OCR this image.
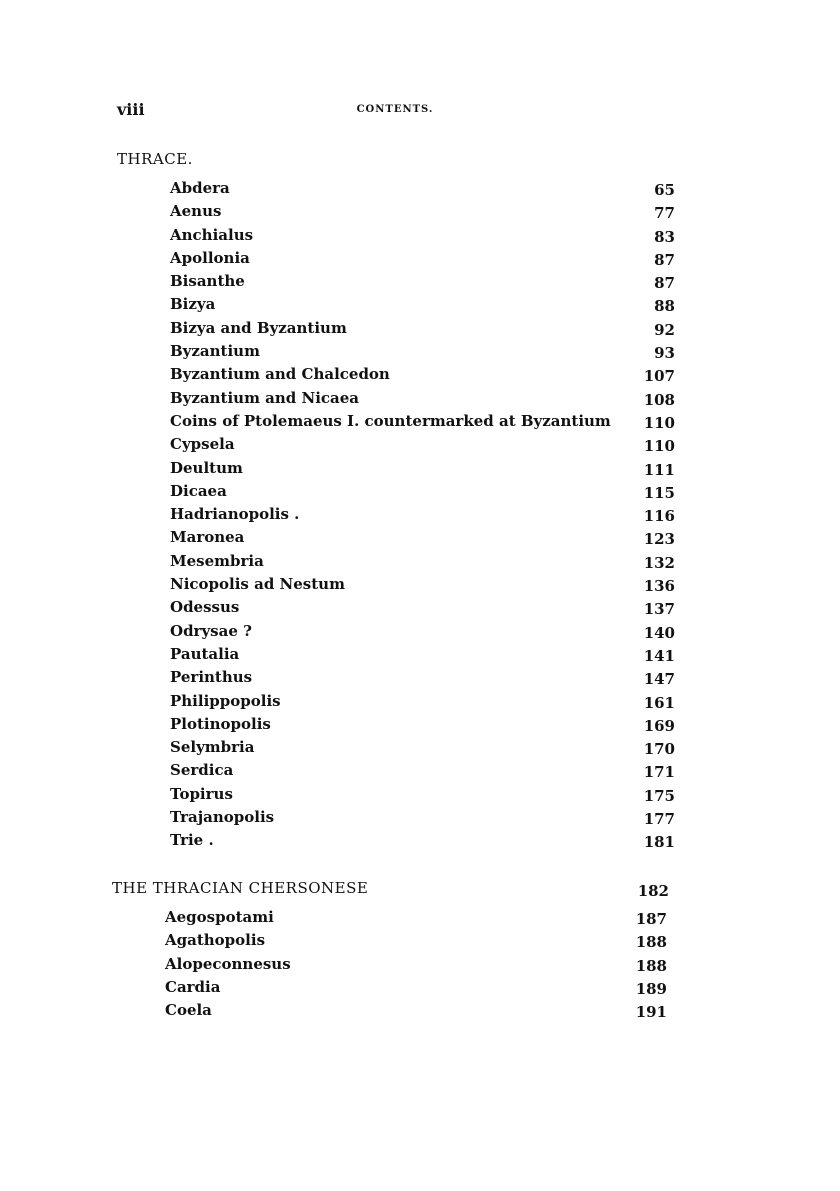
viii	CONTENTS.
THRACE.
Abdera	65
Aenus	77
Anchialus	83
Apollonia	87
Bisanthe	87
Bizya	88
Bizya and Byzantium	92
Byzantium	93
Byzantium and Chalcedon	107
Byzantium and Nicaea	108
Coins of Ptolemaeus I. countermarked at Byzantium	110
Cypsela	110
Deultum	111
Dicaea	115
Hadrianopolis .	116
Maronea	123
Mesembria	132
Nicopolis ad Nestum	136
Odessus	137
Odrysae ?	140
Pautalia	141
Perinthus	147
Philippopolis	161
Plotinopolis	169
Selymbria	170
Serdica	171
Topirus	175
Trajanopolis	177
Trie .	181
THE THRACIAN CHERSONESE	182
Aegospotami	187
Agathopolis	188
Alopeconnesus	188
Cardia	189
Coela	191
